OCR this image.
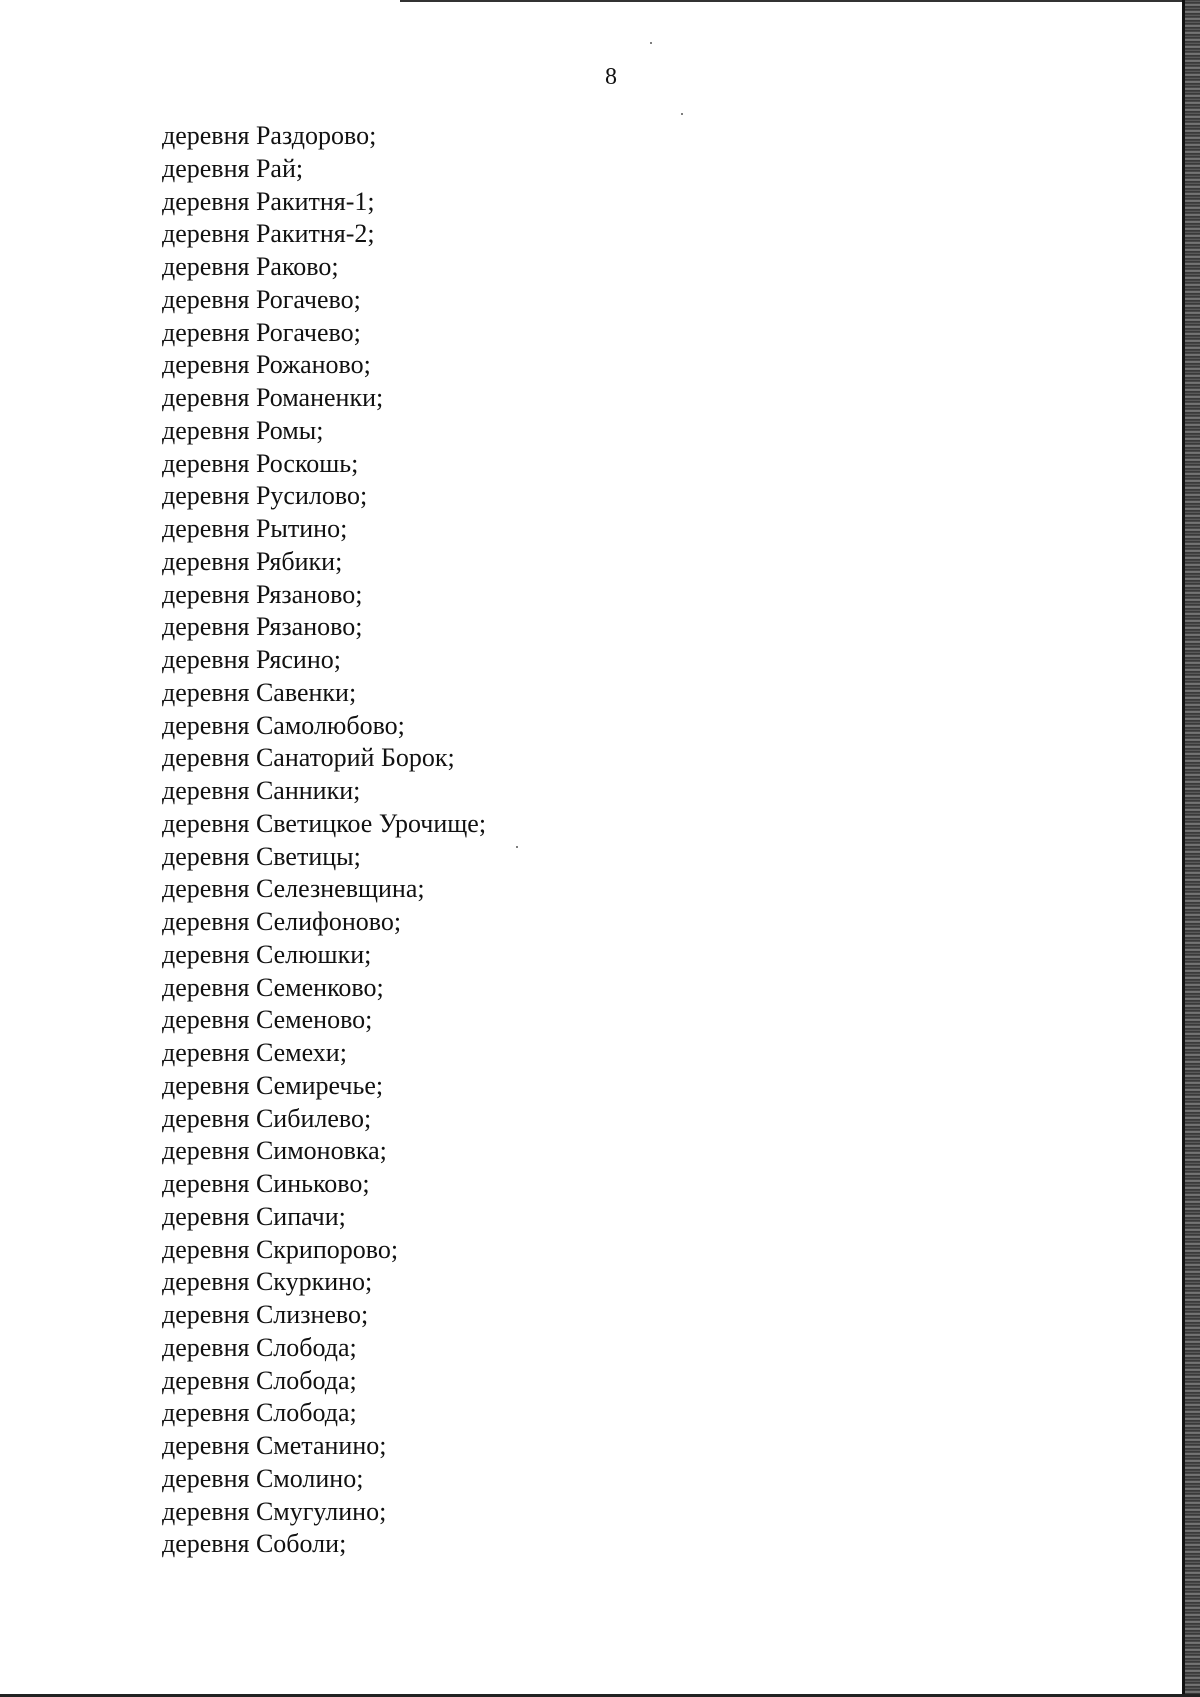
8
деревня Раздорово;
деревня Рай;
деревня Ракитня-1;
деревня Ракитня-2;
деревня Раково;
деревня Рогачево;
деревня Рогачево;
деревня Рожаново;
деревня Романенки;
деревня Ромы;
деревня Роскошь;
деревня Русилово;
деревня Рытино;
деревня Рябики;
деревня Рязаново;
деревня Рязаново;
деревня Рясино;
деревня Савенки;
деревня Самолюбово;
деревня Санаторий Борок;
деревня Санники;
деревня Светицкое Урочище;
деревня Светицы;
деревня Селезневщина;
деревня Селифоново;
деревня Селюшки;
деревня Семенково;
деревня Семеново;
деревня Семехи;
деревня Семиречье;
деревня Сибилево;
деревня Симоновка;
деревня Синьково;
деревня Сипачи;
деревня Скрипорово;
деревня Скуркино;
деревня Слизнево;
деревня Слобода;
деревня Слобода;
деревня Слобода;
деревня Сметанино;
деревня Смолино;
деревня Смугулино;
деревня Соболи;
